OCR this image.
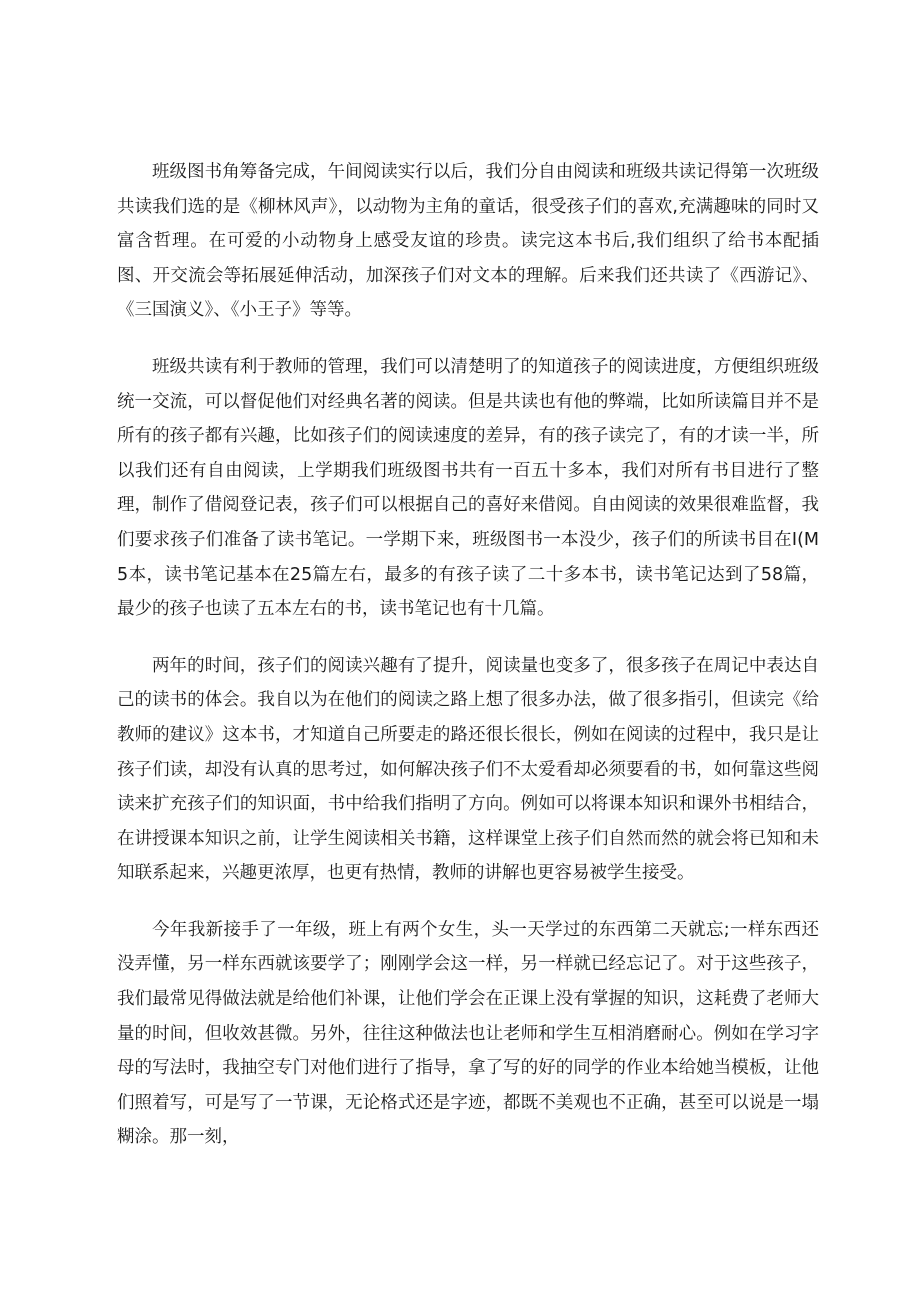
班级图书角筹备完成，午间阅读实行以后，我们分自由阅读和班级共读记得第一次班级共读我们选的是《柳林风声》，以动物为主角的童话，很受孩子们的喜欢,充满趣味的同时又富含哲理。在可爱的小动物身上感受友谊的珍贵。读完这本书后,我们组织了给书本配插图、开交流会等拓展延伸活动，加深孩子们对文本的理解。后来我们还共读了《西游记》、《三国演义》、《小王子》等等。

班级共读有利于教师的管理，我们可以清楚明了的知道孩子的阅读进度，方便组织班级统一交流，可以督促他们对经典名著的阅读。但是共读也有他的弊端，比如所读篇目并不是所有的孩子都有兴趣，比如孩子们的阅读速度的差异，有的孩子读完了，有的才读一半，所以我们还有自由阅读，上学期我们班级图书共有一百五十多本，我们对所有书目进行了整理，制作了借阅登记表，孩子们可以根据自己的喜好来借阅。自由阅读的效果很难监督，我们要求孩子们准备了读书笔记。一学期下来，班级图书一本没少，孩子们的所读书目在I(M5本，读书笔记基本在25篇左右，最多的有孩子读了二十多本书，读书笔记达到了58篇，最少的孩子也读了五本左右的书，读书笔记也有十几篇。

两年的时间，孩子们的阅读兴趣有了提升，阅读量也变多了，很多孩子在周记中表达自己的读书的体会。我自以为在他们的阅读之路上想了很多办法，做了很多指引，但读完《给教师的建议》这本书，才知道自己所要走的路还很长很长，例如在阅读的过程中，我只是让孩子们读，却没有认真的思考过，如何解决孩子们不太爱看却必须要看的书，如何靠这些阅读来扩充孩子们的知识面，书中给我们指明了方向。例如可以将课本知识和课外书相结合，在讲授课本知识之前，让学生阅读相关书籍，这样课堂上孩子们自然而然的就会将已知和未知联系起来，兴趣更浓厚，也更有热情，教师的讲解也更容易被学生接受。

今年我新接手了一年级，班上有两个女生，头一天学过的东西第二天就忘;一样东西还没弄懂，另一样东西就该要学了；刚刚学会这一样，另一样就已经忘记了。对于这些孩子，我们最常见得做法就是给他们补课，让他们学会在正课上没有掌握的知识，这耗费了老师大量的时间，但收效甚微。另外，往往这种做法也让老师和学生互相消磨耐心。例如在学习字母的写法时，我抽空专门对他们进行了指导，拿了写的好的同学的作业本给她当模板，让他们照着写，可是写了一节课，无论格式还是字迹，都既不美观也不正确，甚至可以说是一塌糊涂。那一刻，
